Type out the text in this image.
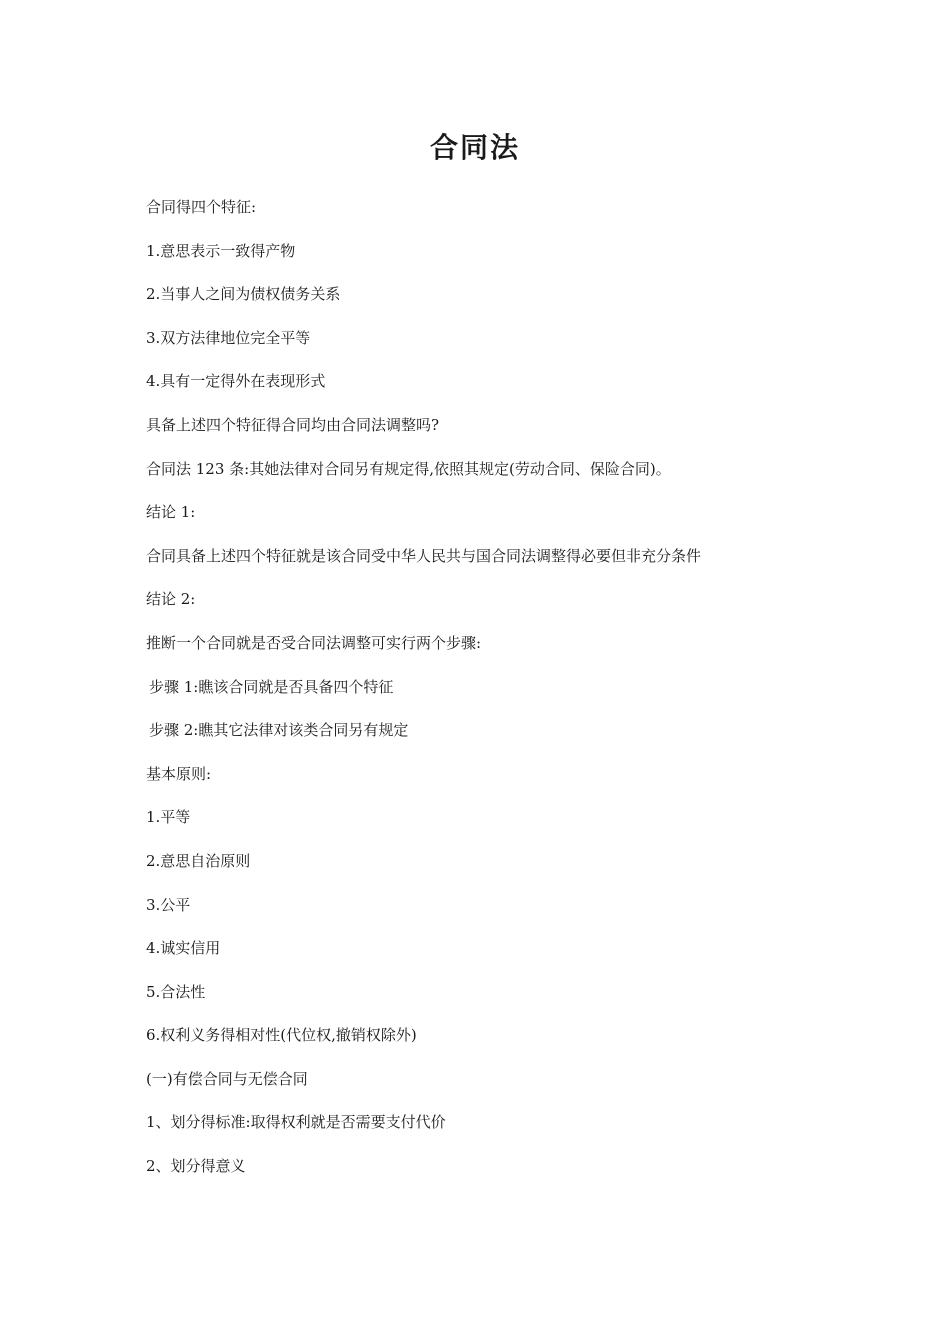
合同法

合同得四个特征:

1.意思表示一致得产物

2.当事人之间为债权债务关系

3.双方法律地位完全平等

4.具有一定得外在表现形式

具备上述四个特征得合同均由合同法调整吗?

合同法 123 条:其她法律对合同另有规定得,依照其规定(劳动合同、保险合同)。

结论 1:

合同具备上述四个特征就是该合同受中华人民共与国合同法调整得必要但非充分条件

结论 2:

推断一个合同就是否受合同法调整可实行两个步骤:

步骤 1:瞧该合同就是否具备四个特征

步骤 2:瞧其它法律对该类合同另有规定

基本原则:

1.平等

2.意思自治原则

3.公平

4.诚实信用

5.合法性

6.权利义务得相对性(代位权,撤销权除外)

(一)有偿合同与无偿合同

1、划分得标准:取得权利就是否需要支付代价

2、划分得意义
